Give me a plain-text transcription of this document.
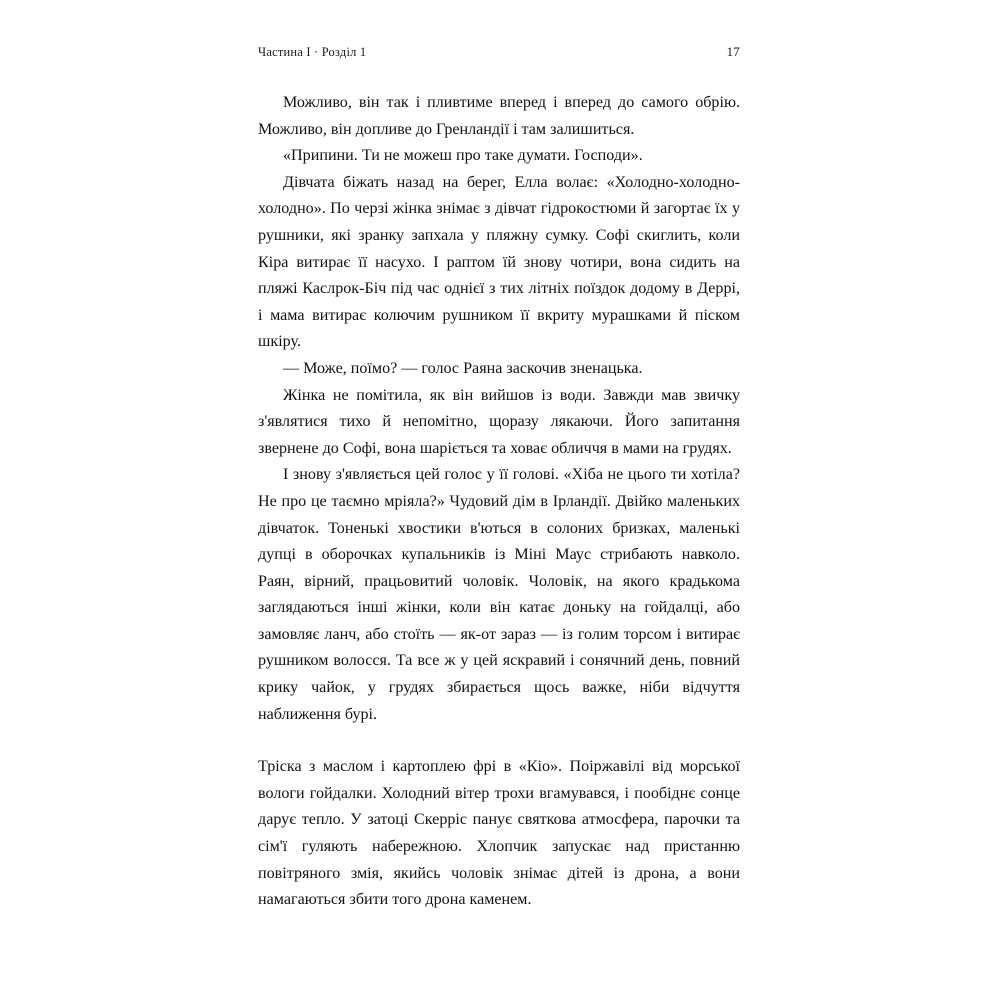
Частина I · Розділ 1	17

Можливо, він так і пливтиме вперед і вперед до самого обрію. Можливо, він допливе до Гренландії і там залишиться.

«Припини. Ти не можеш про таке думати. Господи».

Дівчата біжать назад на берег, Елла волає: «Холодно-холодно-холодно». По черзі жінка знімає з дівчат гідрокостюми й загортає їх у рушники, які зранку запхала у пляжну сумку. Софі скиглить, коли Кіра витирає її насухо. І раптом їй знову чотири, вона сидить на пляжі Каслрок-Біч під час однієї з тих літніх поїздок додому в Деррі, і мама витирає колючим рушником її вкриту мурашками й піском шкіру.

— Може, поїмо? — голос Раяна заскочив зненацька.

Жінка не помітила, як він вийшов із води. Завжди мав звичку з'являтися тихо й непомітно, щоразу лякаючи. Його запитання звернене до Софі, вона шаріється та ховає обличчя в мами на грудях.

І знову з'являється цей голос у її голові. «Хіба не цього ти хотіла? Не про це таємно мріяла?» Чудовий дім в Ірландії. Двійко маленьких дівчаток. Тоненькі хвостики в'ються в солоних бризках, маленькі дупці в оборочках купальників із Міні Маус стрибають навколо. Раян, вірний, працьовитий чоловік. Чоловік, на якого крадькома заглядаються інші жінки, коли він катає доньку на гойдалці, або замовляє ланч, або стоїть — як-от зараз — із голим торсом і витирає рушником волосся. Та все ж у цей яскравий і сонячний день, повний крику чайок, у грудях збирається щось важке, ніби відчуття наближення бурі.

Тріска з маслом і картоплею фрі в «Кіо». Поіржавілі від морської вологи гойдалки. Холодний вітер трохи вгамувався, і пообіднє сонце дарує тепло. У затоці Скерріс панує святкова атмосфера, парочки та сім'ї гуляють набережною. Хлопчик запускає над пристанню повітряного змія, якийсь чоловік знімає дітей із дрона, а вони намагаються збити того дрона каменем.
